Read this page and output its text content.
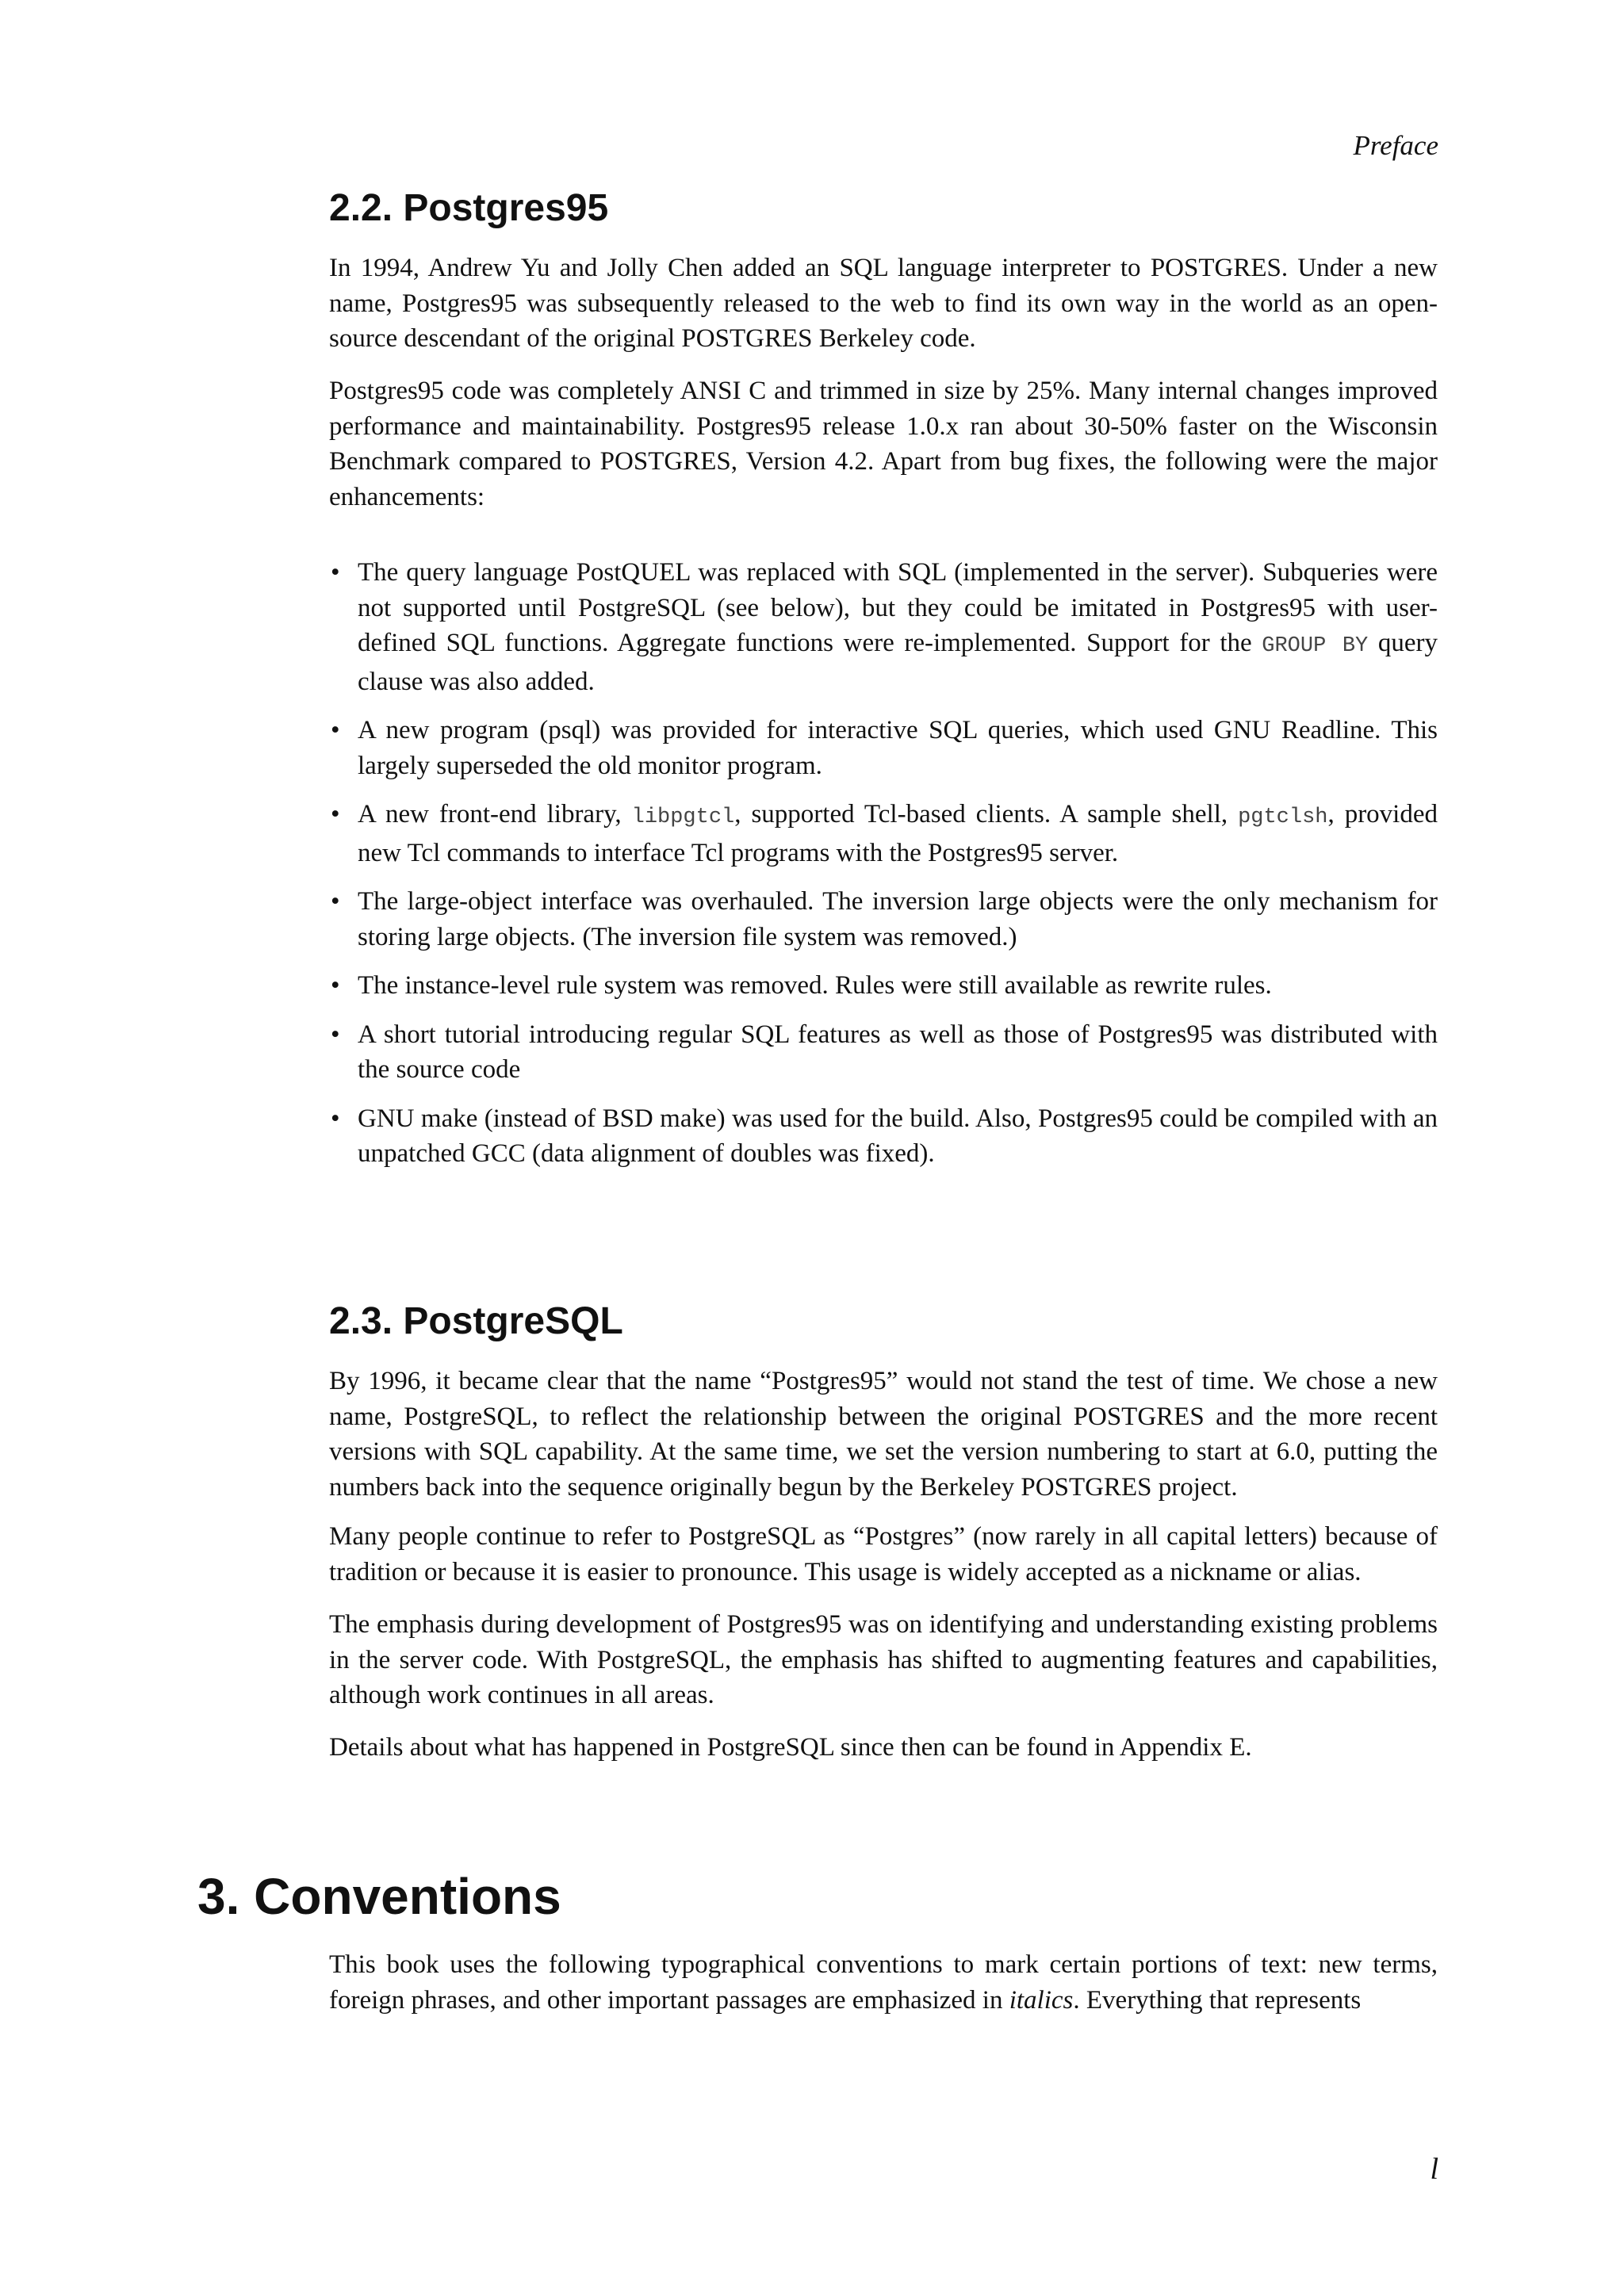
Preface
2.2. Postgres95

In 1994, Andrew Yu and Jolly Chen added an SQL language interpreter to POSTGRES. Under a new name, Postgres95 was subsequently released to the web to find its own way in the world as an open-source descendant of the original POSTGRES Berkeley code.

Postgres95 code was completely ANSI C and trimmed in size by 25%. Many internal changes improved performance and maintainability. Postgres95 release 1.0.x ran about 30-50% faster on the Wisconsin Benchmark compared to POSTGRES, Version 4.2. Apart from bug fixes, the following were the major enhancements:

• The query language PostQUEL was replaced with SQL (implemented in the server). Subqueries were not supported until PostgreSQL (see below), but they could be imitated in Postgres95 with user-defined SQL functions. Aggregate functions were re-implemented. Support for the GROUP BY query clause was also added.
• A new program (psql) was provided for interactive SQL queries, which used GNU Readline. This largely superseded the old monitor program.
• A new front-end library, libpgtcl, supported Tcl-based clients. A sample shell, pgtclsh, provided new Tcl commands to interface Tcl programs with the Postgres95 server.
• The large-object interface was overhauled. The inversion large objects were the only mechanism for storing large objects. (The inversion file system was removed.)
• The instance-level rule system was removed. Rules were still available as rewrite rules.
• A short tutorial introducing regular SQL features as well as those of Postgres95 was distributed with the source code
• GNU make (instead of BSD make) was used for the build. Also, Postgres95 could be compiled with an unpatched GCC (data alignment of doubles was fixed).
2.3. PostgreSQL

By 1996, it became clear that the name “Postgres95” would not stand the test of time. We chose a new name, PostgreSQL, to reflect the relationship between the original POSTGRES and the more recent versions with SQL capability. At the same time, we set the version numbering to start at 6.0, putting the numbers back into the sequence originally begun by the Berkeley POSTGRES project.

Many people continue to refer to PostgreSQL as “Postgres” (now rarely in all capital letters) because of tradition or because it is easier to pronounce. This usage is widely accepted as a nickname or alias.

The emphasis during development of Postgres95 was on identifying and understanding existing problems in the server code. With PostgreSQL, the emphasis has shifted to augmenting features and capabilities, although work continues in all areas.

Details about what has happened in PostgreSQL since then can be found in Appendix E.

3. Conventions

This book uses the following typographical conventions to mark certain portions of text: new terms, foreign phrases, and other important passages are emphasized in italics. Everything that represents

l
